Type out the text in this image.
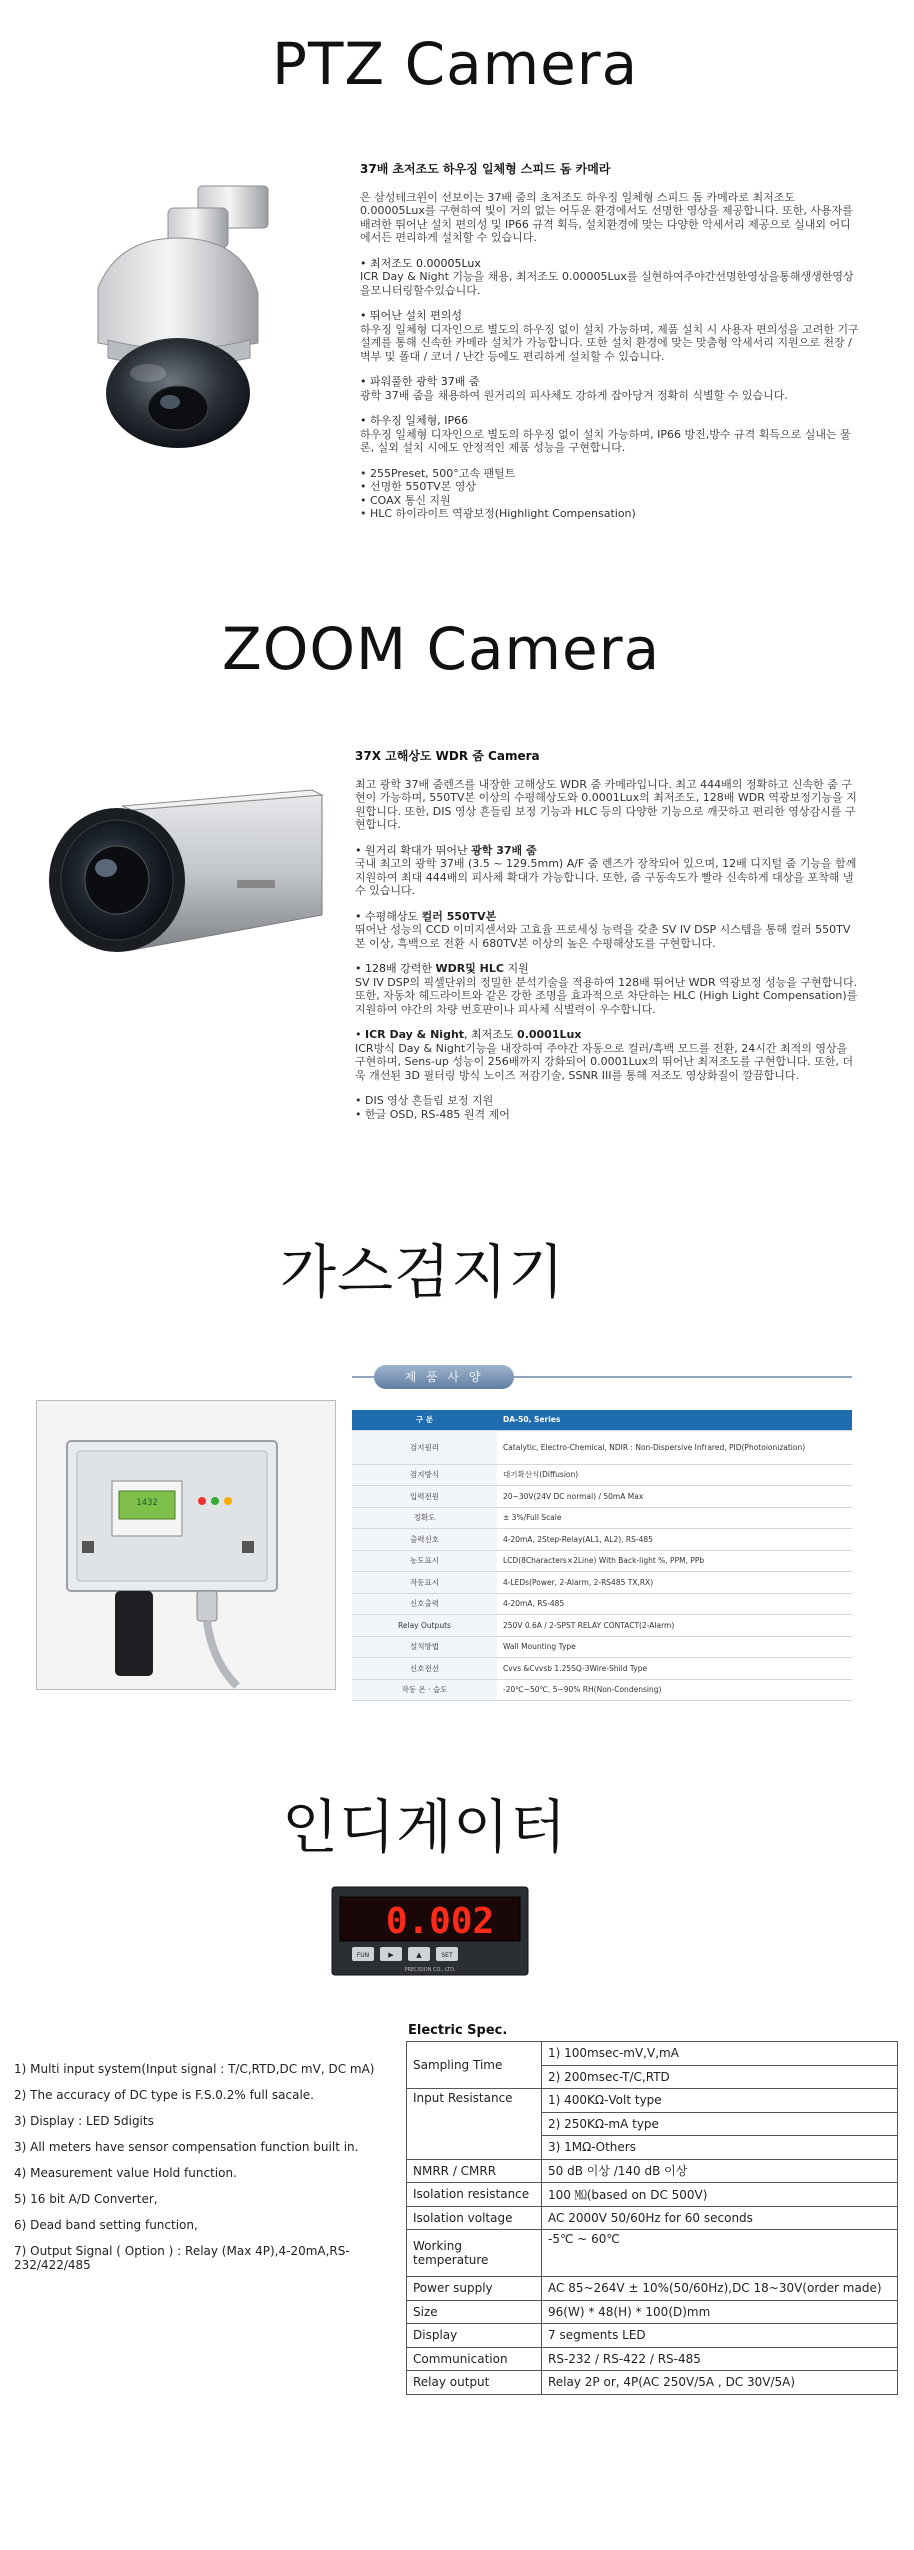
PTZ Camera
37배 초저조도 하우징 일체형 스피드 돔 카메라
은 삼성테크윈이 선보이는 37배 줌의 초저조도 하우징 일체형 스피드 돔 카메라로 최저조도 0.00005Lux를 구현하여 빛이 거의 없는 어두운 환경에서도 선명한 영상을 제공합니다. 또한, 사용자를 배려한 뛰어난 설치 편의성 및 IP66 규격 획득, 설치환경에 맞는 다양한 악세서리 제공으로 실내외 어디에서든 편리하게 설치할 수 있습니다.
• 최저조도 0.00005Lux
ICR Day & Night 기능을 채용, 최저조도 0.00005Lux를 실현하여주야간선명한영상을통해생생한영상을모니터링할수있습니다.
• 뛰어난 설치 편의성
하우징 일체형 디자인으로 별도의 하우징 없이 설치 가능하며, 제품 설치 시 사용자 편의성을 고려한 기구 설계를 통해 신속한 카메라 설치가 가능합니다. 또한 설치 환경에 맞는 맞춤형 악세서리 지원으로 천장 / 벽부 및 폴대 / 코너 / 난간 등에도 편리하게 설치할 수 있습니다.
• 파워풀한 광학 37배 줌
광학 37배 줌을 채용하여 원거리의 피사체도 강하게 잡아당겨 정확히 식별할 수 있습니다.
• 하우징 일체형, IP66
하우징 일체형 디자인으로 별도의 하우징 없이 설치 가능하며, IP66 방진,방수 규격 획득으로 실내는 물론, 실외 설치 시에도 안정적인 제품 성능을 구현합니다.
• 255Preset, 500°고속 팬틸트
• 선명한 550TV본 영상
• COAX 통신 지원
• HLC 하이라이트 역광보정(Highlight Compensation)
ZOOM Camera
37X 고해상도 WDR 줌 Camera
최고 광학 37배 줌렌즈를 내장한 고해상도 WDR 줌 카메라입니다. 최고 444배의 정확하고 신속한 줌 구현이 가능하며, 550TV본 이상의 수평해상도와 0.0001Lux의 최저조도, 128배 WDR 역광보정기능을 지원합니다. 또한, DIS 영상 흔들림 보정 기능과 HLC 등의 다양한 기능으로 깨끗하고 편리한 영상감시를 구현합니다.
• 원거리 확대가 뛰어난 광학 37배 줌
국내 최고의 광학 37배 (3.5 ~ 129.5mm) A/F 줌 렌즈가 장착되어 있으며, 12배 디지털 줌 기능을 함께 지원하여 최대 444배의 피사체 확대가 가능합니다. 또한, 줌 구동속도가 빨라 신속하게 대상을 포착해 낼 수 있습니다.
• 수평해상도 컬러 550TV본
뛰어난 성능의 CCD 이미지센서와 고효율 프로세싱 능력을 갖춘 SV IV DSP 시스템을 통해 컬러 550TV본 이상, 흑백으로 전환 시 680TV본 이상의 높은 수평해상도를 구현합니다.
• 128배 강력한 WDR및 HLC 지원
SV IV DSP의 픽셀단위의 정밀한 분석기술을 적용하여 128배 뛰어난 WDR 역광보정 성능을 구현합니다. 또한, 자동차 헤드라이트와 같은 강한 조명을 효과적으로 차단하는 HLC (High Light Compensation)를 지원하여 야간의 차량 번호판이나 피사체 식별력이 우수합니다.
• ICR Day & Night, 최저조도 0.0001Lux
ICR방식 Day & Night기능을 내장하여 주야간 자동으로 컬러/흑백 모드를 전환, 24시간 최적의 영상을 구현하며, Sens-up 성능이 256배까지 강화되어 0.0001Lux의 뛰어난 최저조도를 구현합니다. 또한, 더욱 개선된 3D 필터링 방식 노이즈 저감기술, SSNR III를 통해 저조도 영상화질이 깔끔합니다.
• DIS 영상 흔들림 보정 지원
• 한글 OSD, RS-485 원격 제어
가스검지기
1432
제 품 사 양
구 분	DA-50, Series
검지원리	Catalytic, Electro-Chemical, NDIR : Non-Dispersive Infrared, PID(Photoionization)
검지방식	대기확산식(Diffusion)
입력전원	20~30V(24V DC normal) / 50mA Max
정확도	± 3%/Full Scale
출력신호	4-20mA, 2Step-Relay(AL1, AL2), RS-485
농도표시	LCD(8Characters×2Line) With Back-light %, PPM, PPb
작동표시	4-LEDs(Power, 2-Alarm, 2-RS485 TX,RX)
신호출력	4-20mA, RS-485
Relay Outputs	250V 0.6A / 2-SPST RELAY CONTACT(2-Alarm)
설치방법	Wall Mounting Type
신호전선	Cvvs &Cvvsb 1.25SQ-3Wire-Shild Type
작동 온 · 습도	-20℃~50℃, 5~90% RH(Non-Condensing)
인디게이터
0.002
FUN	▶	▲	SET
PRECISION CO., LTD.
1) Multi input system(Input signal : T/C,RTD,DC mV, DC mA)
2) The accuracy of DC type is F.S.0.2% full sacale.
3) Display : LED 5digits
3) All meters have sensor compensation function built in.
4) Measurement value Hold function.
5) 16 bit A/D Converter,
6) Dead band setting function,
7) Output Signal ( Option ) : Relay (Max 4P),4-20mA,RS-232/422/485
Electric Spec.
Sampling Time	1) 100msec-mV,V,mA
	2) 200msec-T/C,RTD
Input Resistance	1) 400KΩ-Volt type
	2) 250KΩ-mA type
	3) 1MΩ-Others
NMRR / CMRR	50 dB 이상 /140 dB 이상
Isolation resistance	100 ㏁(based on DC 500V)
Isolation voltage	AC 2000V 50/60Hz for 60 seconds
Working temperature	-5℃ ~ 60℃
Power supply	AC 85~264V ± 10%(50/60Hz),DC 18~30V(order made)
Size	96(W) * 48(H) * 100(D)mm
Display	7 segments LED
Communication	RS-232 / RS-422 / RS-485
Relay output	Relay 2P or, 4P(AC 250V/5A , DC 30V/5A)
